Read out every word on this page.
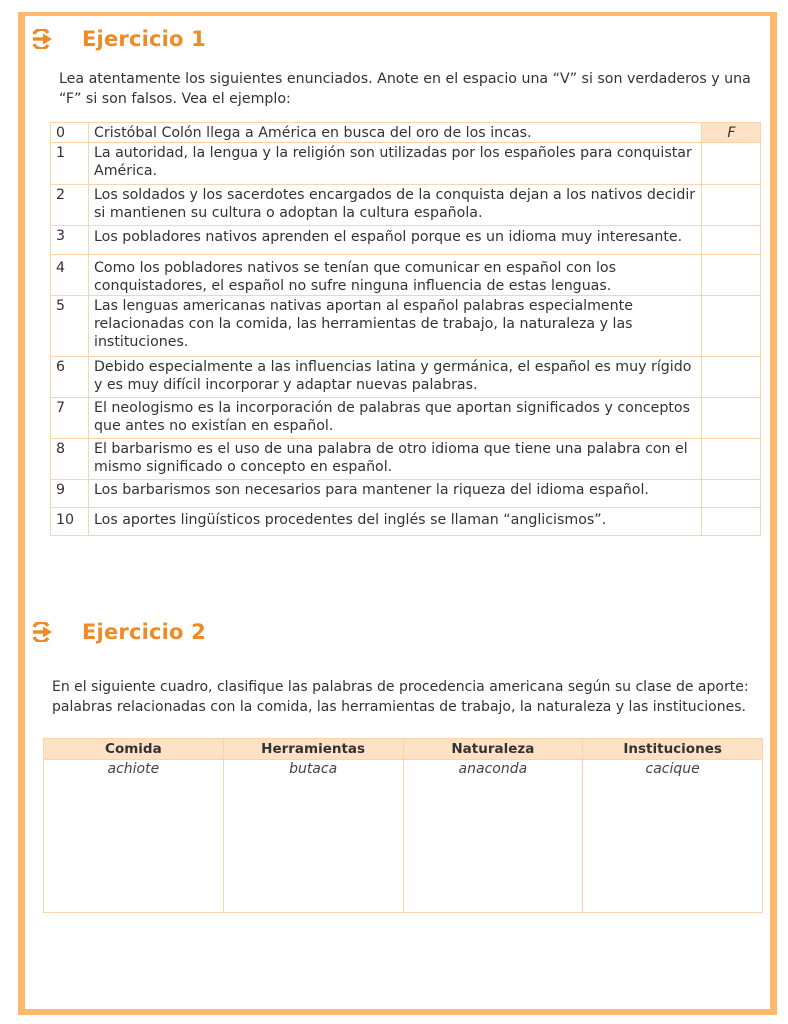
Ejercicio 1
Lea atentamente los siguientes enunciados. Anote en el espacio una “V” si son verdaderos y una
“F” si son falsos. Vea el ejemplo:
0	Cristóbal Colón llega a América en busca del oro de los incas.	F
1	La autoridad, la lengua y la religión son utilizadas por los españoles para conquistar América.	
2	Los soldados y los sacerdotes encargados de la conquista dejan a los nativos decidir si mantienen su cultura o adoptan la cultura española.	
3	Los pobladores nativos aprenden el español porque es un idioma muy interesante.	
4	Como los pobladores nativos se tenían que comunicar en español con los conquistadores, el español no sufre ninguna influencia de estas lenguas.	
5	Las lenguas americanas nativas aportan al español palabras especialmente relacionadas con la comida, las herramientas de trabajo, la naturaleza y las instituciones.	
6	Debido especialmente a las influencias latina y germánica, el español es muy rígido y es muy difícil incorporar y adaptar nuevas palabras.	
7	El neologismo es la incorporación de palabras que aportan significados y conceptos que antes no existían en español.	
8	El barbarismo es el uso de una palabra de otro idioma que tiene una palabra con el mismo significado o concepto en español.	
9	Los barbarismos son necesarios para mantener la riqueza del idioma español.	
10	Los aportes lingüísticos procedentes del inglés se llaman “anglicismos”.	
Ejercicio 2
En el siguiente cuadro, clasifique las palabras de procedencia americana según su clase de aporte:
palabras relacionadas con la comida, las herramientas de trabajo, la naturaleza y las instituciones.
Comida	Herramientas	Naturaleza	Instituciones
achiote	butaca	anaconda	cacique
